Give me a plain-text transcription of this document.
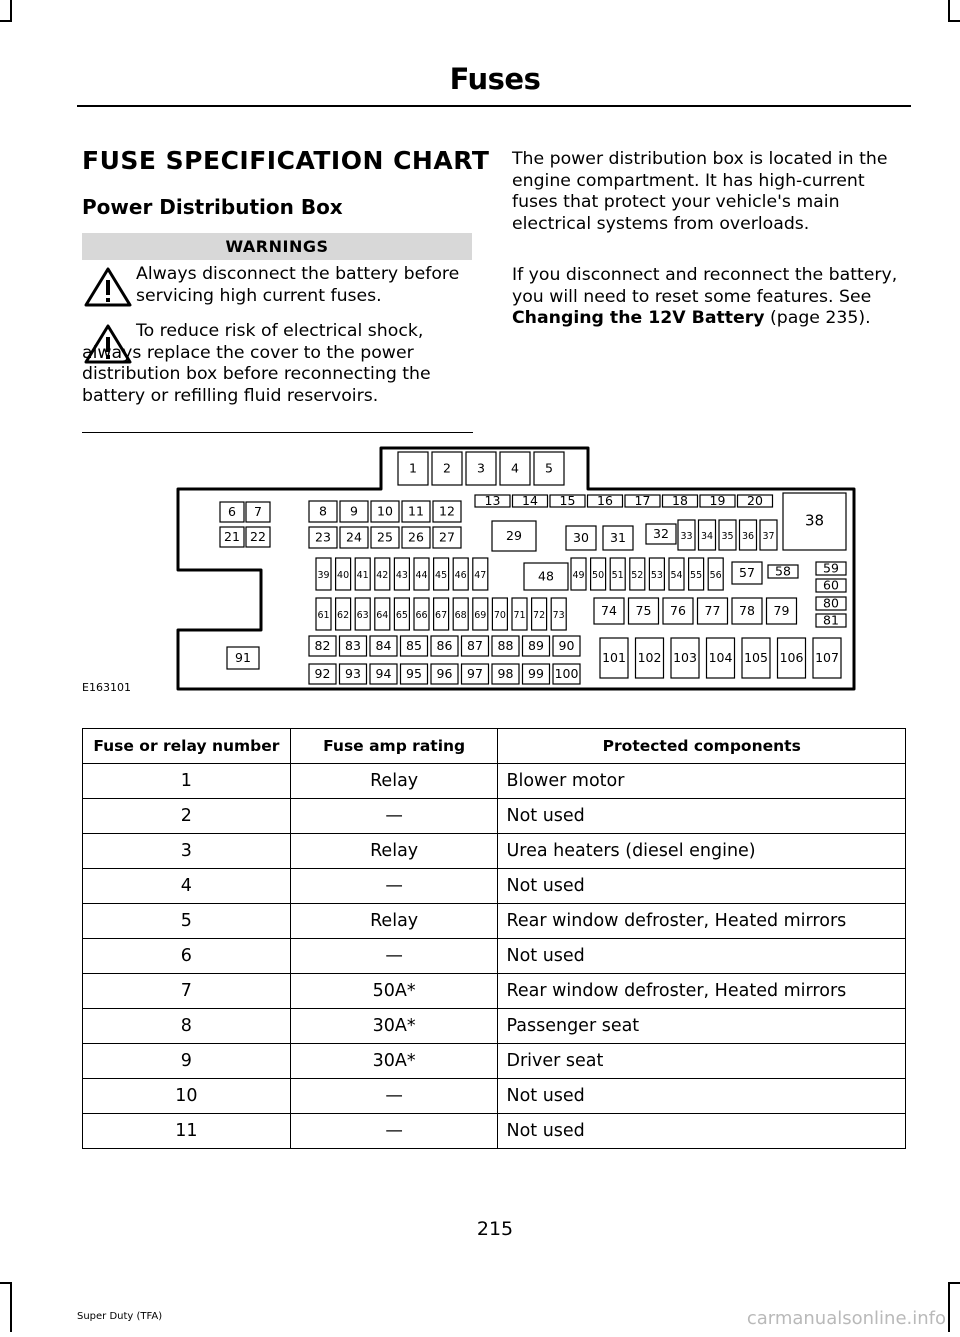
Fuses
FUSE SPECIFICATION CHART
Power Distribution Box
WARNINGS
Always disconnect the battery before servicing high current fuses.
To reduce risk of electrical shock, always replace the cover to the power distribution box before reconnecting the battery or refilling fluid reservoirs.
The power distribution box is located in the engine compartment. It has high-current fuses that protect your vehicle's main electrical systems from overloads.
If you disconnect and reconnect the battery, you will need to reset some features. See Changing the 12V Battery (page 235).
1 2 3 4 5
6 7	8 9 10 11 12
13 14 15 16 17 18 19 20
21 22	23 24 25 26 27	29	30 31 32 33 34 35 36 37
38
39 40 41 42 43 44 45 46 47	48 49 50 51 52 53 54 55 56 57 58	59
60
61 62 63 64 65 66 67 68 69 70 71 72 73	74 75 76 77 78 79	80
81
82 83 84 85 86 87 88 89 90
91
92 93 94 95 96 97 98 99 100
101 102 103 104 105 106 107
E163101
Fuse or relay number	Fuse amp rating	Protected components
1	Relay	Blower motor
2	—	Not used
3	Relay	Urea heaters (diesel engine)
4	—	Not used
5	Relay	Rear window defroster, Heated mirrors
6	—	Not used
7	50A*	Rear window defroster, Heated mirrors
8	30A*	Passenger seat
9	30A*	Driver seat
10	—	Not used
11	—	Not used
215
Super Duty (TFA)	carmanualsonline.info
